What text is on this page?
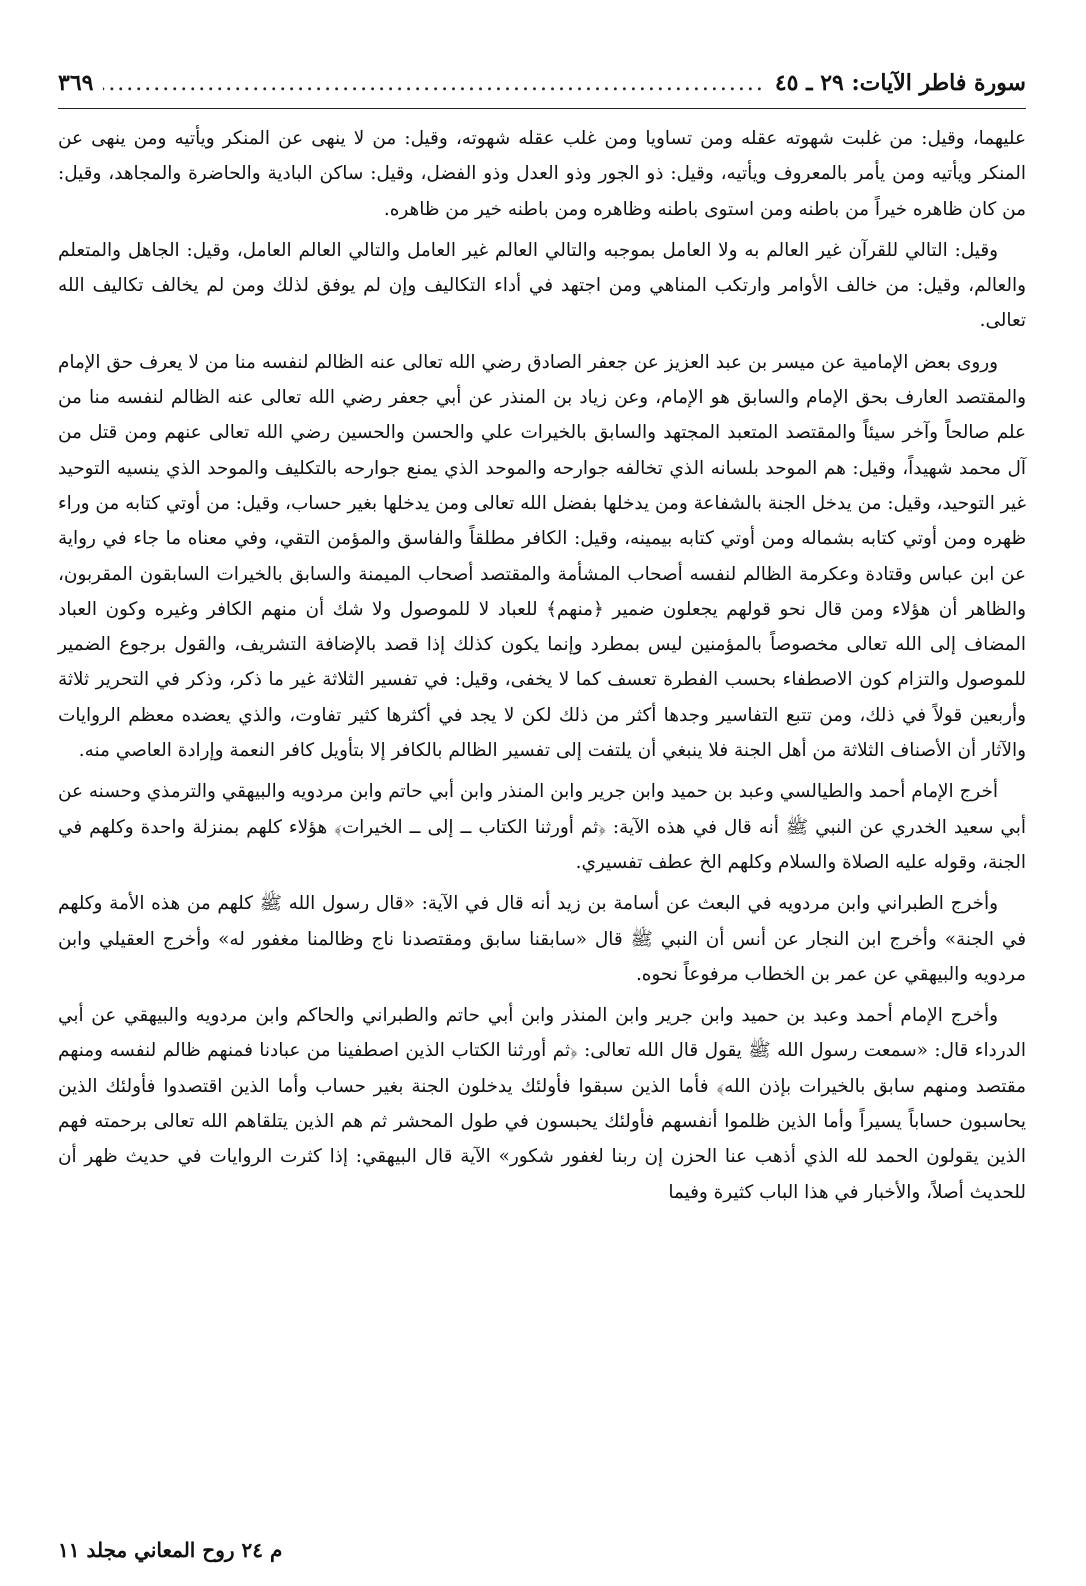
سورة فاطر الآيات: ٢٩ ـ ٤٥
.....
٣٦٩

عليهما، وقيل: من غلبت شهوته عقله ومن تساويا ومن غلب عقله شهوته، وقيل: من لا ينهى عن المنكر ويأتيه ومن ينهى عن المنكر ويأتيه ومن يأمر بالمعروف ويأتيه، وقيل: ذو الجور وذو العدل وذو الفضل، وقيل: ساكن البادية والحاضرة والمجاهد، وقيل: من كان ظاهره خيراً من باطنه ومن استوى باطنه وظاهره ومن باطنه خير من ظاهره.

وقيل: التالي للقرآن غير العالم به ولا العامل بموجبه والتالي العالم غير العامل والتالي العالم العامل، وقيل: الجاهل والمتعلم والعالم، وقيل: من خالف الأوامر وارتكب المناهي ومن اجتهد في أداء التكاليف وإن لم يوفق لذلك ومن لم يخالف تكاليف الله تعالى.

وروى بعض الإمامية عن ميسر بن عبد العزيز عن جعفر الصادق رضي الله تعالى عنه الظالم لنفسه منا من لا يعرف حق الإمام والمقتصد العارف بحق الإمام والسابق هو الإمام، وعن زياد بن المنذر عن أبي جعفر رضي الله تعالى عنه الظالم لنفسه منا من علم صالحاً وآخر سيئاً والمقتصد المتعبد المجتهد والسابق بالخيرات علي والحسن والحسين رضي الله تعالى عنهم ومن قتل من آل محمد شهيداً، وقيل: هم الموحد بلسانه الذي تخالفه جوارحه والموحد الذي يمنع جوارحه بالتكليف والموحد الذي ينسيه التوحيد غير التوحيد، وقيل: من يدخل الجنة بالشفاعة ومن يدخلها بفضل الله تعالى ومن يدخلها بغير حساب، وقيل: من أوتي كتابه من وراء ظهره ومن أوتي كتابه بشماله ومن أوتي كتابه بيمينه، وقيل: الكافر مطلقاً والفاسق والمؤمن التقي، وفي معناه ما جاء في رواية عن ابن عباس وقتادة وعكرمة الظالم لنفسه أصحاب المشأمة والمقتصد أصحاب الميمنة والسابق بالخيرات السابقون المقربون، والظاهر أن هؤلاء ومن قال نحو قولهم يجعلون ضمير ﴿منهم﴾ للعباد لا للموصول ولا شك أن منهم الكافر وغيره وكون العباد المضاف إلى الله تعالى مخصوصاً بالمؤمنين ليس بمطرد وإنما يكون كذلك إذا قصد بالإضافة التشريف، والقول برجوع الضمير للموصول والتزام كون الاصطفاء بحسب الفطرة تعسف كما لا يخفى، وقيل: في تفسير الثلاثة غير ما ذكر، وذكر في التحرير ثلاثة وأربعين قولاً في ذلك، ومن تتبع التفاسير وجدها أكثر من ذلك لكن لا يجد في أكثرها كثير تفاوت، والذي يعضده معظم الروايات والآثار أن الأصناف الثلاثة من أهل الجنة فلا ينبغي أن يلتفت إلى تفسير الظالم بالكافر إلا بتأويل كافر النعمة وإرادة العاصي منه.

أخرج الإمام أحمد والطيالسي وعبد بن حميد وابن جرير وابن المنذر وابن أبي حاتم وابن مردويه والبيهقي والترمذي وحسنه عن أبي سعيد الخدري عن النبي ﷺ أنه قال في هذه الآية: ﴿ثم أورثنا الكتاب ــ إلى ــ الخيرات﴾ هؤلاء كلهم بمنزلة واحدة وكلهم في الجنة، وقوله عليه الصلاة والسلام وكلهم الخ عطف تفسيري.

وأخرج الطبراني وابن مردويه في البعث عن أسامة بن زيد أنه قال في الآية: «قال رسول الله ﷺ كلهم من هذه الأمة وكلهم في الجنة» وأخرج ابن النجار عن أنس أن النبي ﷺ قال «سابقنا سابق ومقتصدنا ناج وظالمنا مغفور له» وأخرج العقيلي وابن مردويه والبيهقي عن عمر بن الخطاب مرفوعاً نحوه.

وأخرج الإمام أحمد وعبد بن حميد وابن جرير وابن المنذر وابن أبي حاتم والطبراني والحاكم وابن مردويه والبيهقي عن أبي الدرداء قال: «سمعت رسول الله ﷺ يقول قال الله تعالى: ﴿ثم أورثنا الكتاب الذين اصطفينا من عبادنا فمنهم ظالم لنفسه ومنهم مقتصد ومنهم سابق بالخيرات بإذن الله﴾ فأما الذين سبقوا فأولئك يدخلون الجنة بغير حساب وأما الذين اقتصدوا فأولئك الذين يحاسبون حساباً يسيراً وأما الذين ظلموا أنفسهم فأولئك يحبسون في طول المحشر ثم هم الذين يتلقاهم الله تعالى برحمته فهم الذين يقولون الحمد لله الذي أذهب عنا الحزن إن ربنا لغفور شكور» الآية قال البيهقي: إذا كثرت الروايات في حديث ظهر أن للحديث أصلاً، والأخبار في هذا الباب كثيرة وفيما

م ٢٤ روح المعاني مجلد ١١
